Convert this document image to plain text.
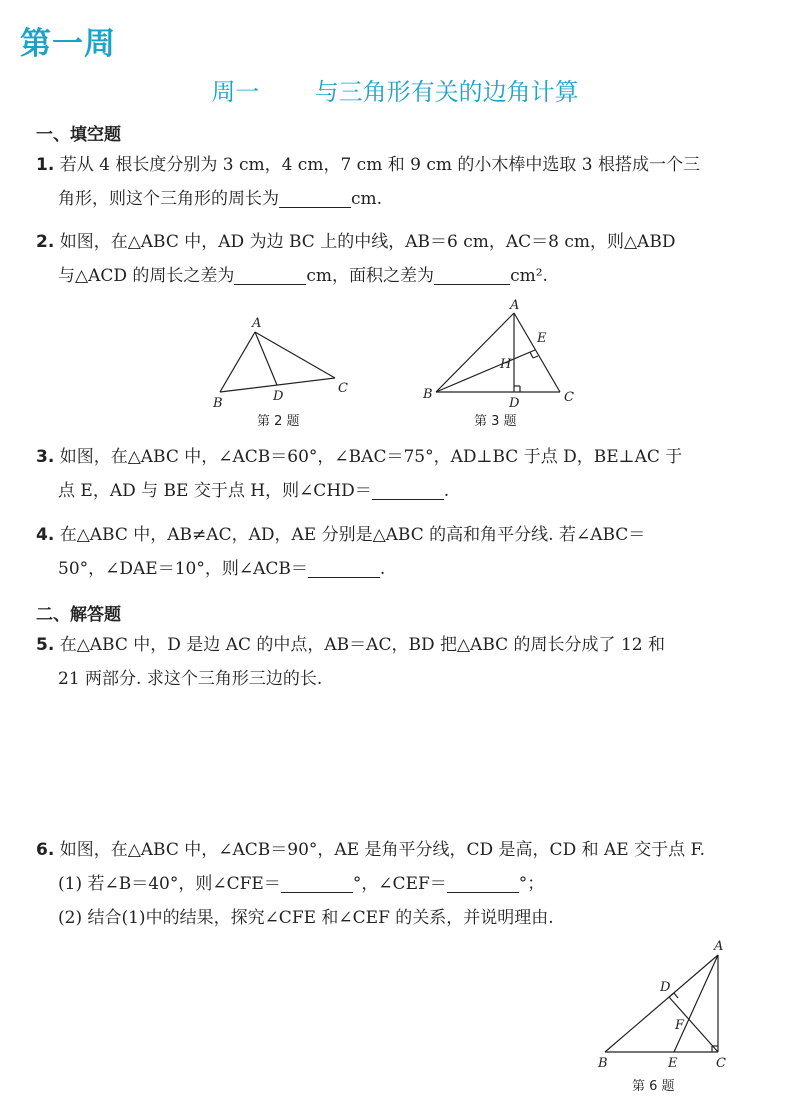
第一周
周一 与三角形有关的边角计算
一、填空题
1. 若从 4 根长度分别为 3 cm，4 cm，7 cm 和 9 cm 的小木棒中选取 3 根搭成一个三
角形，则这个三角形的周长为	cm.
2. 如图，在△ABC 中，AD 为边 BC 上的中线，AB＝6 cm，AC＝8 cm，则△ABD
与△ACD 的周长之差为	cm，面积之差为	cm².
A
B
C
D
第 2 题
A
B	C
D
E
H
第 3 题
3. 如图，在△ABC 中，∠ACB＝60°，∠BAC＝75°，AD⊥BC 于点 D，BE⊥AC 于
点 E，AD 与 BE 交于点 H，则∠CHD＝	.
4. 在△ABC 中，AB≠AC，AD，AE 分别是△ABC 的高和角平分线. 若∠ABC＝
50°，∠DAE＝10°，则∠ACB＝	.
二、解答题
5. 在△ABC 中，D 是边 AC 的中点，AB＝AC，BD 把△ABC 的周长分成了 12 和
21 两部分. 求这个三角形三边的长.
6. 如图，在△ABC 中，∠ACB＝90°，AE 是角平分线，CD 是高，CD 和 AE 交于点 F.
(1) 若∠B＝40°，则∠CFE＝	°，∠CEF＝	°；
(2) 结合(1)中的结果，探究∠CFE 和∠CEF 的关系，并说明理由.
A
B	C
D
E
F
第 6 题
